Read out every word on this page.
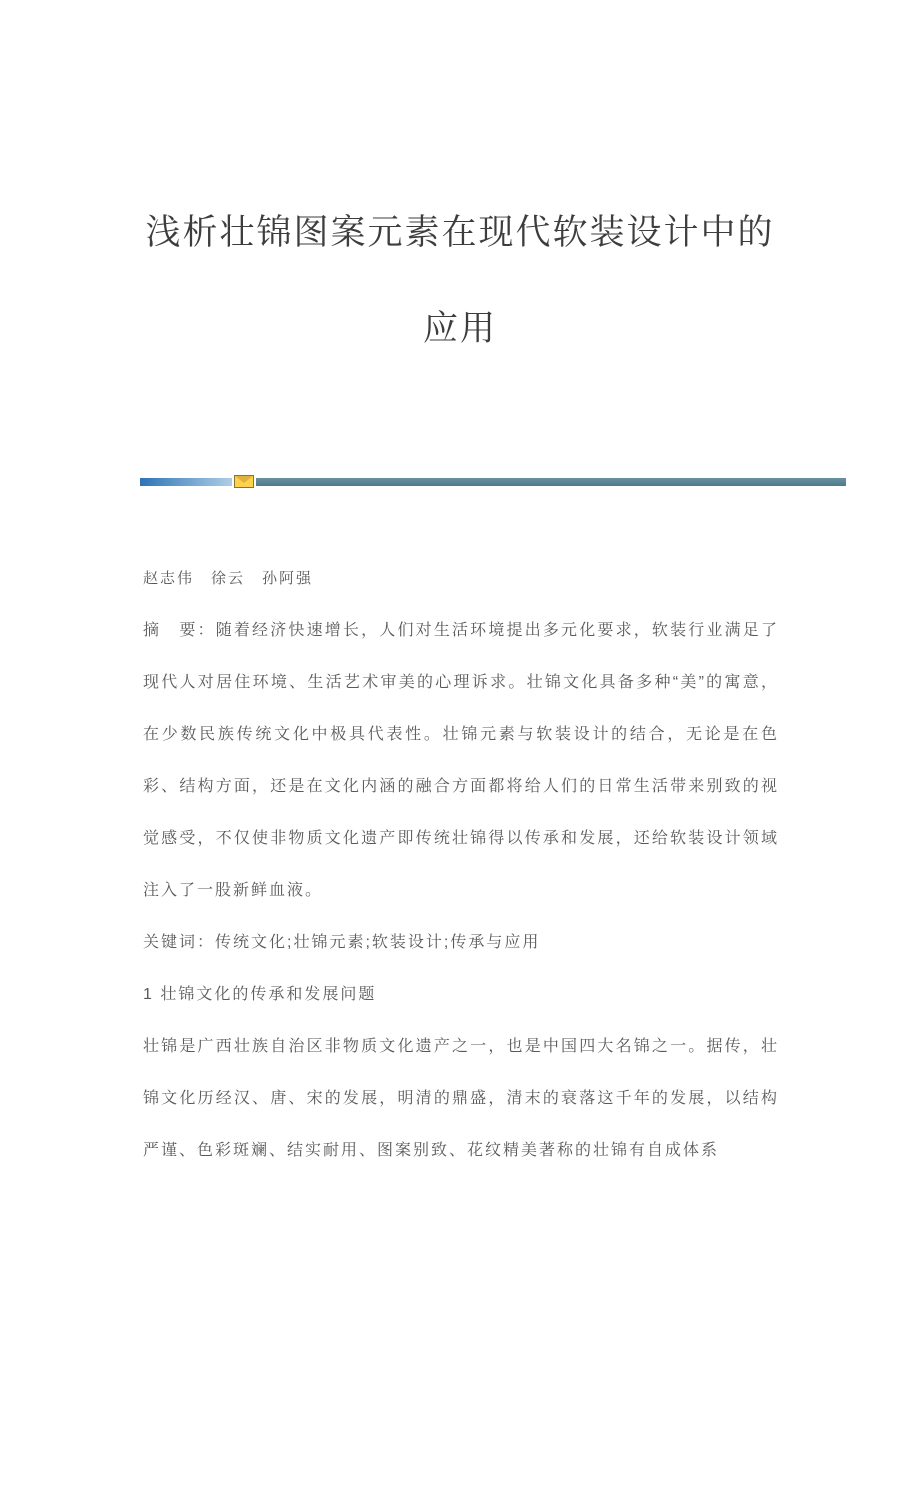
浅析壮锦图案元素在现代软装设计中的
应用

赵志伟　徐云　孙阿强

摘　要：随着经济快速增长，人们对生活环境提出多元化要求，软装行业满足了现代人对居住环境、生活艺术审美的心理诉求。壮锦文化具备多种“美”的寓意，在少数民族传统文化中极具代表性。壮锦元素与软装设计的结合，无论是在色彩、结构方面，还是在文化内涵的融合方面都将给人们的日常生活带来别致的视觉感受，不仅使非物质文化遗产即传统壮锦得以传承和发展，还给软装设计领域注入了一股新鲜血液。

关键词：传统文化;壮锦元素;软装设计;传承与应用

1 壮锦文化的传承和发展问题

壮锦是广西壮族自治区非物质文化遗产之一，也是中国四大名锦之一。据传，壮锦文化历经汉、唐、宋的发展，明清的鼎盛，清末的衰落这千年的发展，以结构严谨、色彩斑斓、结实耐用、图案别致、花纹精美著称的壮锦有自成体系
